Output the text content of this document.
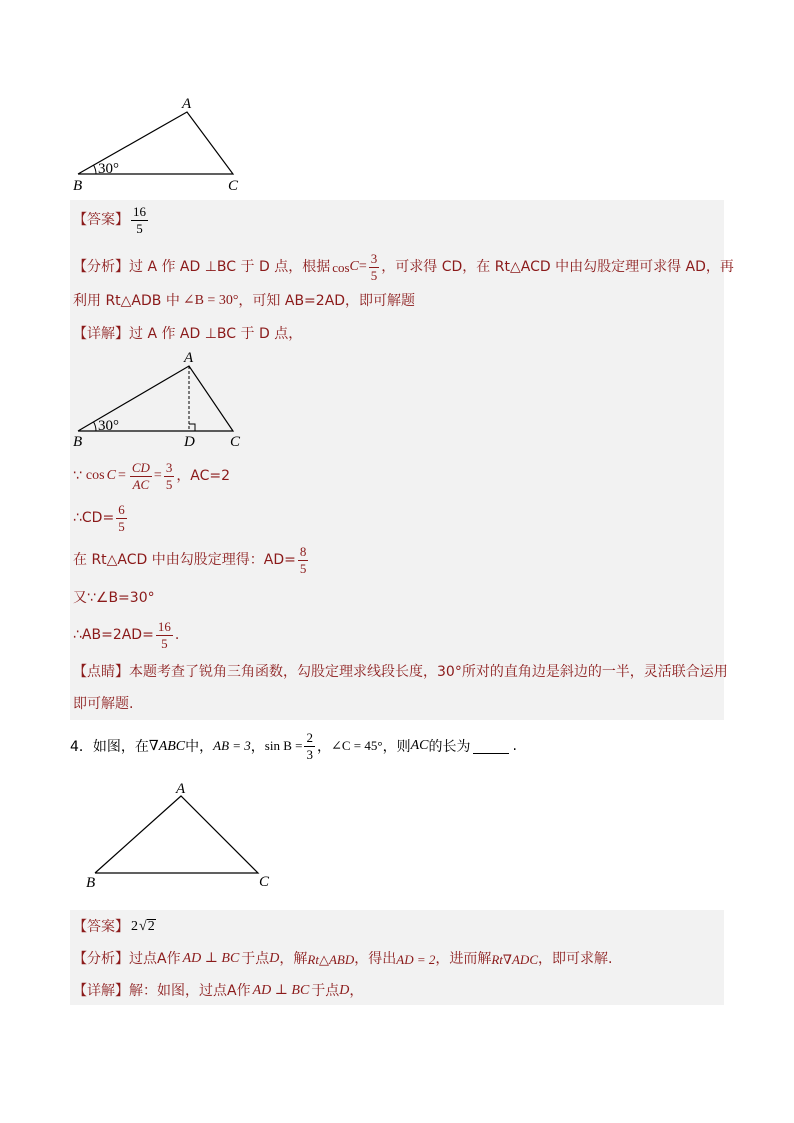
A
B	C
30°
【答案】 $\frac{16}{5}$
【分析】 过 A 作 AD ⊥BC 于 D 点，根据 $\cos C = \frac{3}{5}$ ，可求得 CD，在 Rt△ACD 中由勾股定理可求得 AD，再
利用 Rt△ADB 中 ∠B = 30° ，可知 AB=2AD，即可解题
【详解】 过 A 作 AD ⊥BC 于 D 点，
A
B	C
D
30°
∵ $\cos C = \frac{CD}{AC} = \frac{3}{5}$ ，AC=2
∴CD= $\frac{6}{5}$
在 Rt△ACD 中由勾股定理得：$AD= \frac{8}{5}$
又∵∠B=30°
∴AB=2AD= $\frac{16}{5}$ .
【点睛】 本题考查了锐角三角函数，勾股定理求线段长度，30°所对的直角边是斜边的一半，灵活联合运用
即可解题.
4．如图，在 ∇ABC 中， AB = 3 ， $\sin B = \frac{2}{3}$ ， ∠C = 45° ，则 AC 的长为	.
A
B	C
【答案】 2 √ 2
【分析】 过点A作 AD ⊥ BC 于点 D ，解 Rt△ABD ，得出 AD = 2 ，进而解 Rt∇ADC ，即可求解.
【详解】 解：如图，过点A作 AD ⊥ BC 于点 D ，
